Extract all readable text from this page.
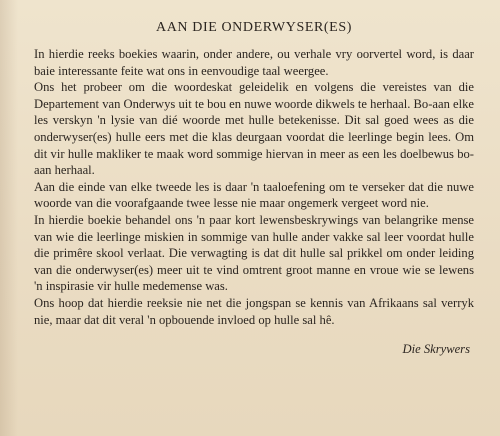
AAN DIE ONDERWYSER(ES)

In hierdie reeks boekies waarin, onder andere, ou verhale vry oorvertel word, is daar baie interessante feite wat ons in eenvoudige taal weergee.

Ons het probeer om die woordeskat geleidelik en volgens die vereistes van die Departement van Onderwys uit te bou en nuwe woorde dikwels te herhaal. Bo-aan elke les verskyn 'n lysie van dié woorde met hulle betekenisse. Dit sal goed wees as die onderwyser(es) hulle eers met die klas deurgaan voordat die leerlinge begin lees. Om dit vir hulle makliker te maak word sommige hiervan in meer as een les doelbewus bo-aan herhaal.

Aan die einde van elke tweede les is daar 'n taaloefening om te verseker dat die nuwe woorde van die voorafgaande twee lesse nie maar ongemerk vergeet word nie.

In hierdie boekie behandel ons 'n paar kort lewensbeskrywings van belangrike mense van wie die leerlinge miskien in sommige van hulle ander vakke sal leer voordat hulle die primêre skool verlaat. Die verwagting is dat dit hulle sal prikkel om onder leiding van die onderwyser(es) meer uit te vind omtrent groot manne en vroue wie se lewens 'n inspirasie vir hulle medemense was.

Ons hoop dat hierdie reeksie nie net die jongspan se kennis van Afrikaans sal verryk nie, maar dat dit veral 'n opbouende invloed op hulle sal hê.

Die Skrywers
